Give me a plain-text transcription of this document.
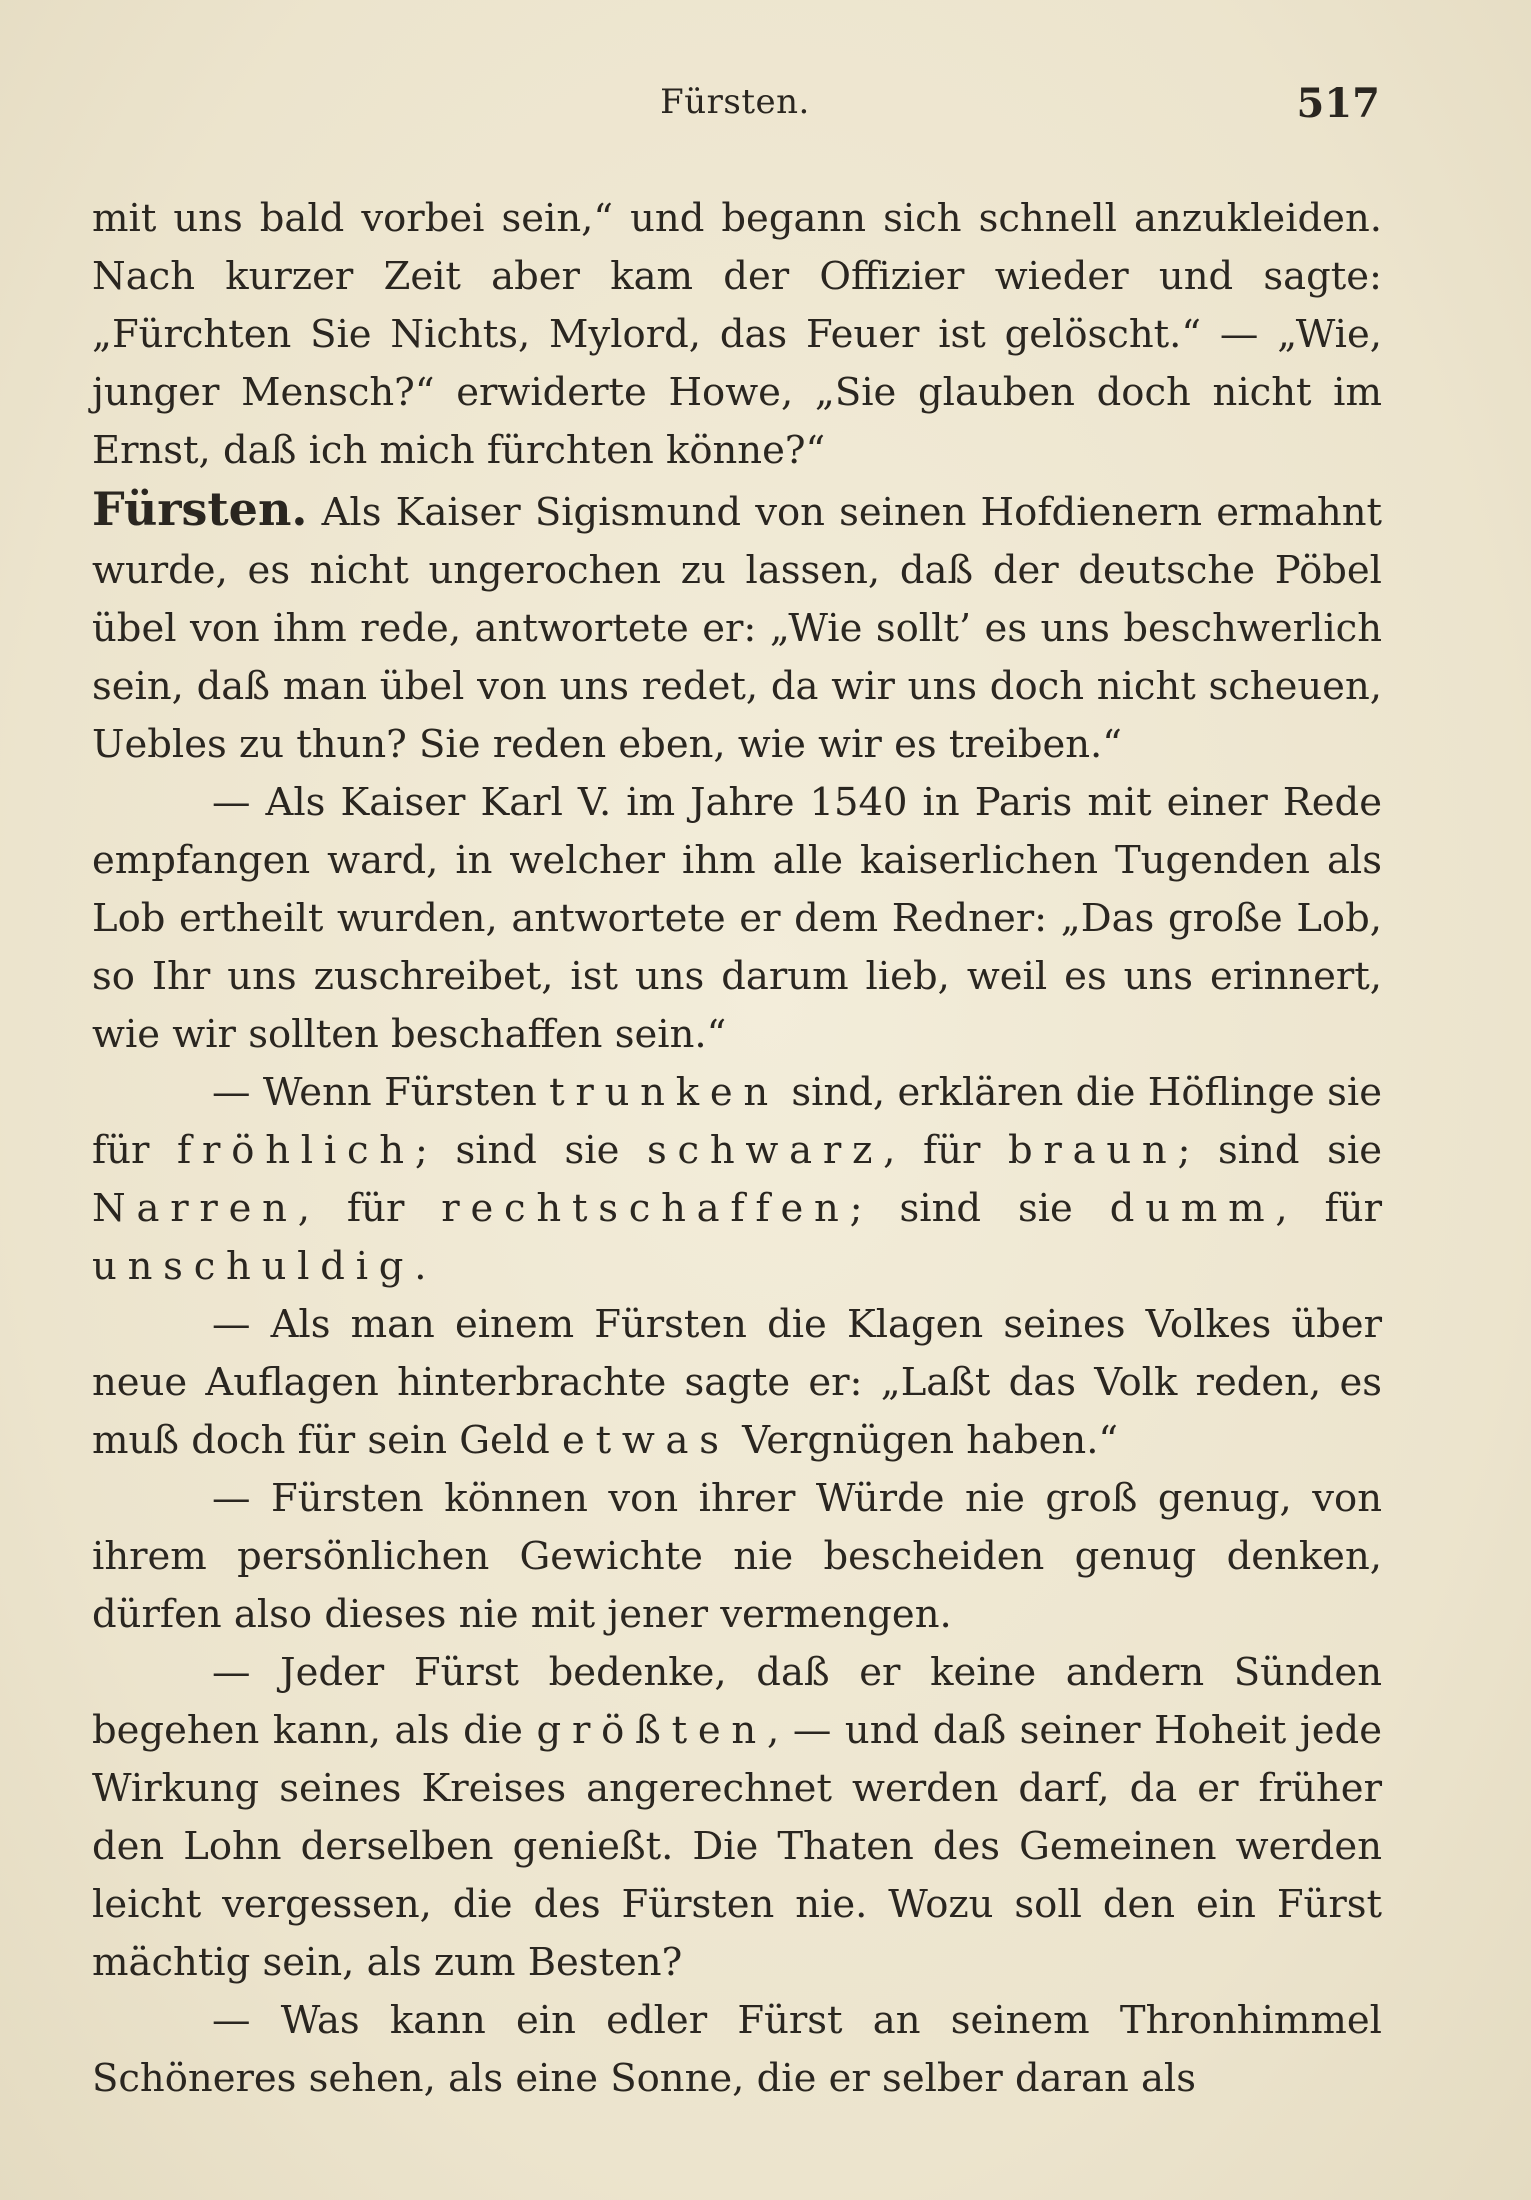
Fürsten.	517

mit uns bald vorbei sein,“ und begann sich schnell anzukleiden. Nach kurzer Zeit aber kam der Offizier wieder und sagte: „Fürchten Sie Nichts, Mylord, das Feuer ist gelöscht.“ — „Wie, junger Mensch?“ erwiderte Howe, „Sie glauben doch nicht im Ernst, daß ich mich fürchten könne?“

Fürsten. Als Kaiser Sigismund von seinen Hofdienern ermahnt wurde, es nicht ungerochen zu lassen, daß der deutsche Pöbel übel von ihm rede, antwortete er: „Wie sollt’ es uns beschwerlich sein, daß man übel von uns redet, da wir uns doch nicht scheuen, Uebles zu thun? Sie reden eben, wie wir es treiben.“

— Als Kaiser Karl V. im Jahre 1540 in Paris mit einer Rede empfangen ward, in welcher ihm alle kaiserlichen Tugenden als Lob ertheilt wurden, antwortete er dem Redner: „Das große Lob, so Ihr uns zuschreibet, ist uns darum lieb, weil es uns erinnert, wie wir sollten beschaffen sein.“

— Wenn Fürsten trunken sind, erklären die Höflinge sie für fröhlich; sind sie schwarz, für braun; sind sie Narren, für rechtschaffen; sind sie dumm, für unschuldig.

— Als man einem Fürsten die Klagen seines Volkes über neue Auflagen hinterbrachte sagte er: „Laßt das Volk reden, es muß doch für sein Geld etwas Vergnügen haben.“

— Fürsten können von ihrer Würde nie groß genug, von ihrem persönlichen Gewichte nie bescheiden genug denken, dürfen also dieses nie mit jener vermengen.

— Jeder Fürst bedenke, daß er keine andern Sünden begehen kann, als die größten, — und daß seiner Hoheit jede Wirkung seines Kreises angerechnet werden darf, da er früher den Lohn derselben genießt. Die Thaten des Gemeinen werden leicht vergessen, die des Fürsten nie. Wozu soll den ein Fürst mächtig sein, als zum Besten?

— Was kann ein edler Fürst an seinem Thronhimmel Schöneres sehen, als eine Sonne, die er selber daran als
